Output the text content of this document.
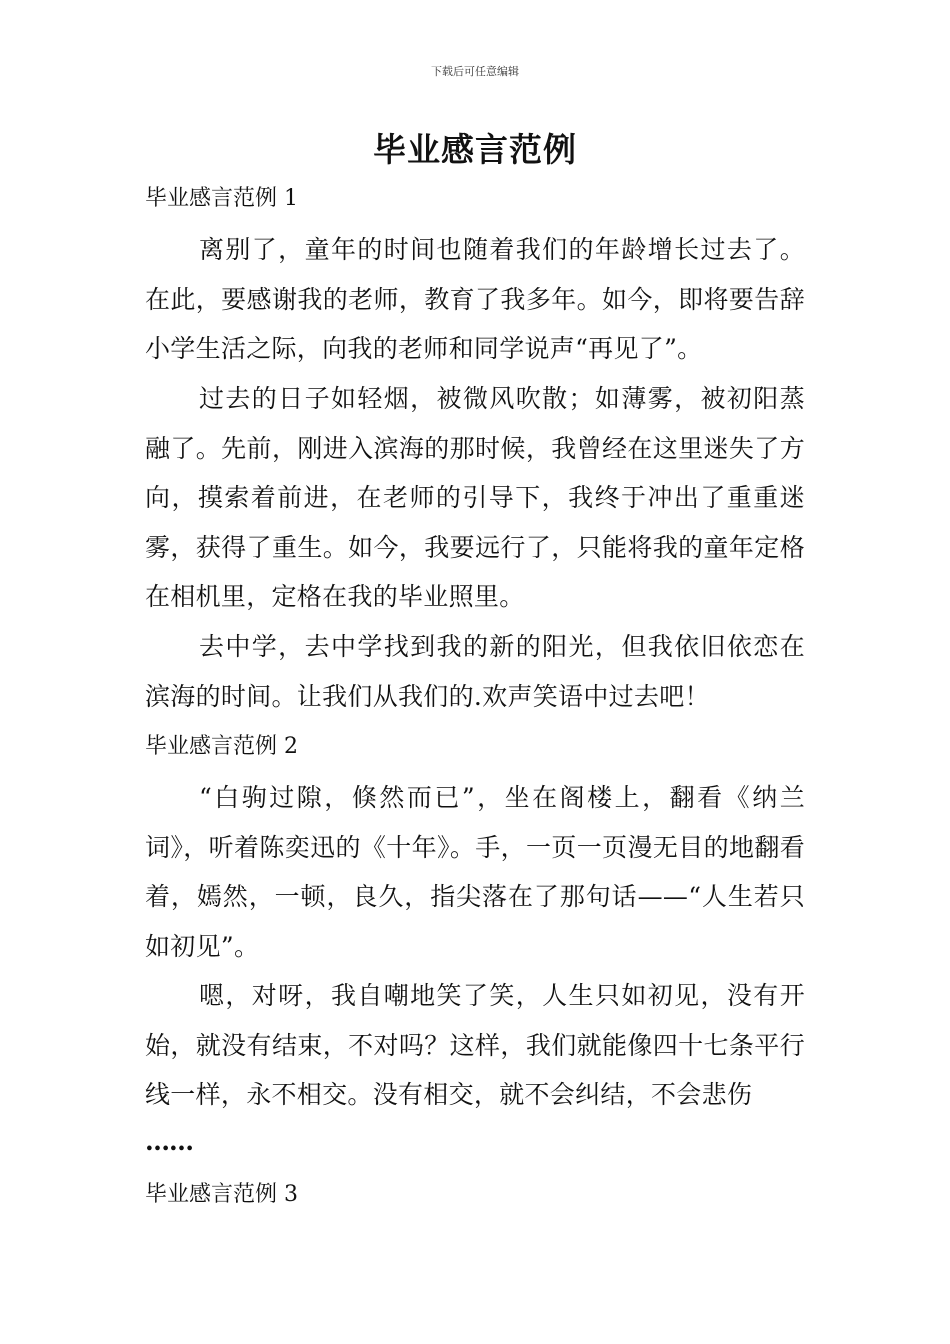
下载后可任意编辑
毕业感言范例
毕业感言范例 1

离别了，童年的时间也随着我们的年龄增长过去了。在此，要感谢我的老师，教育了我多年。如今，即将要告辞小学生活之际，向我的老师和同学说声“再见了”。

过去的日子如轻烟，被微风吹散；如薄雾，被初阳蒸融了。先前，刚进入滨海的那时候，我曾经在这里迷失了方向，摸索着前进，在老师的引导下，我终于冲出了重重迷雾，获得了重生。如今，我要远行了，只能将我的童年定格在相机里，定格在我的毕业照里。

去中学，去中学找到我的新的阳光，但我依旧依恋在滨海的时间。让我们从我们的.欢声笑语中过去吧！

毕业感言范例 2

“白驹过隙，倏然而已”，坐在阁楼上，翻看《纳兰词》，听着陈奕迅的《十年》。手，一页一页漫无目的地翻看着，嫣然，一顿，良久，指尖落在了那句话——“人生若只如初见”。

嗯，对呀，我自嘲地笑了笑，人生只如初见，没有开始，就没有结束，不对吗？这样，我们就能像四十七条平行线一样，永不相交。没有相交，就不会纠结，不会悲伤

……
毕业感言范例 3
